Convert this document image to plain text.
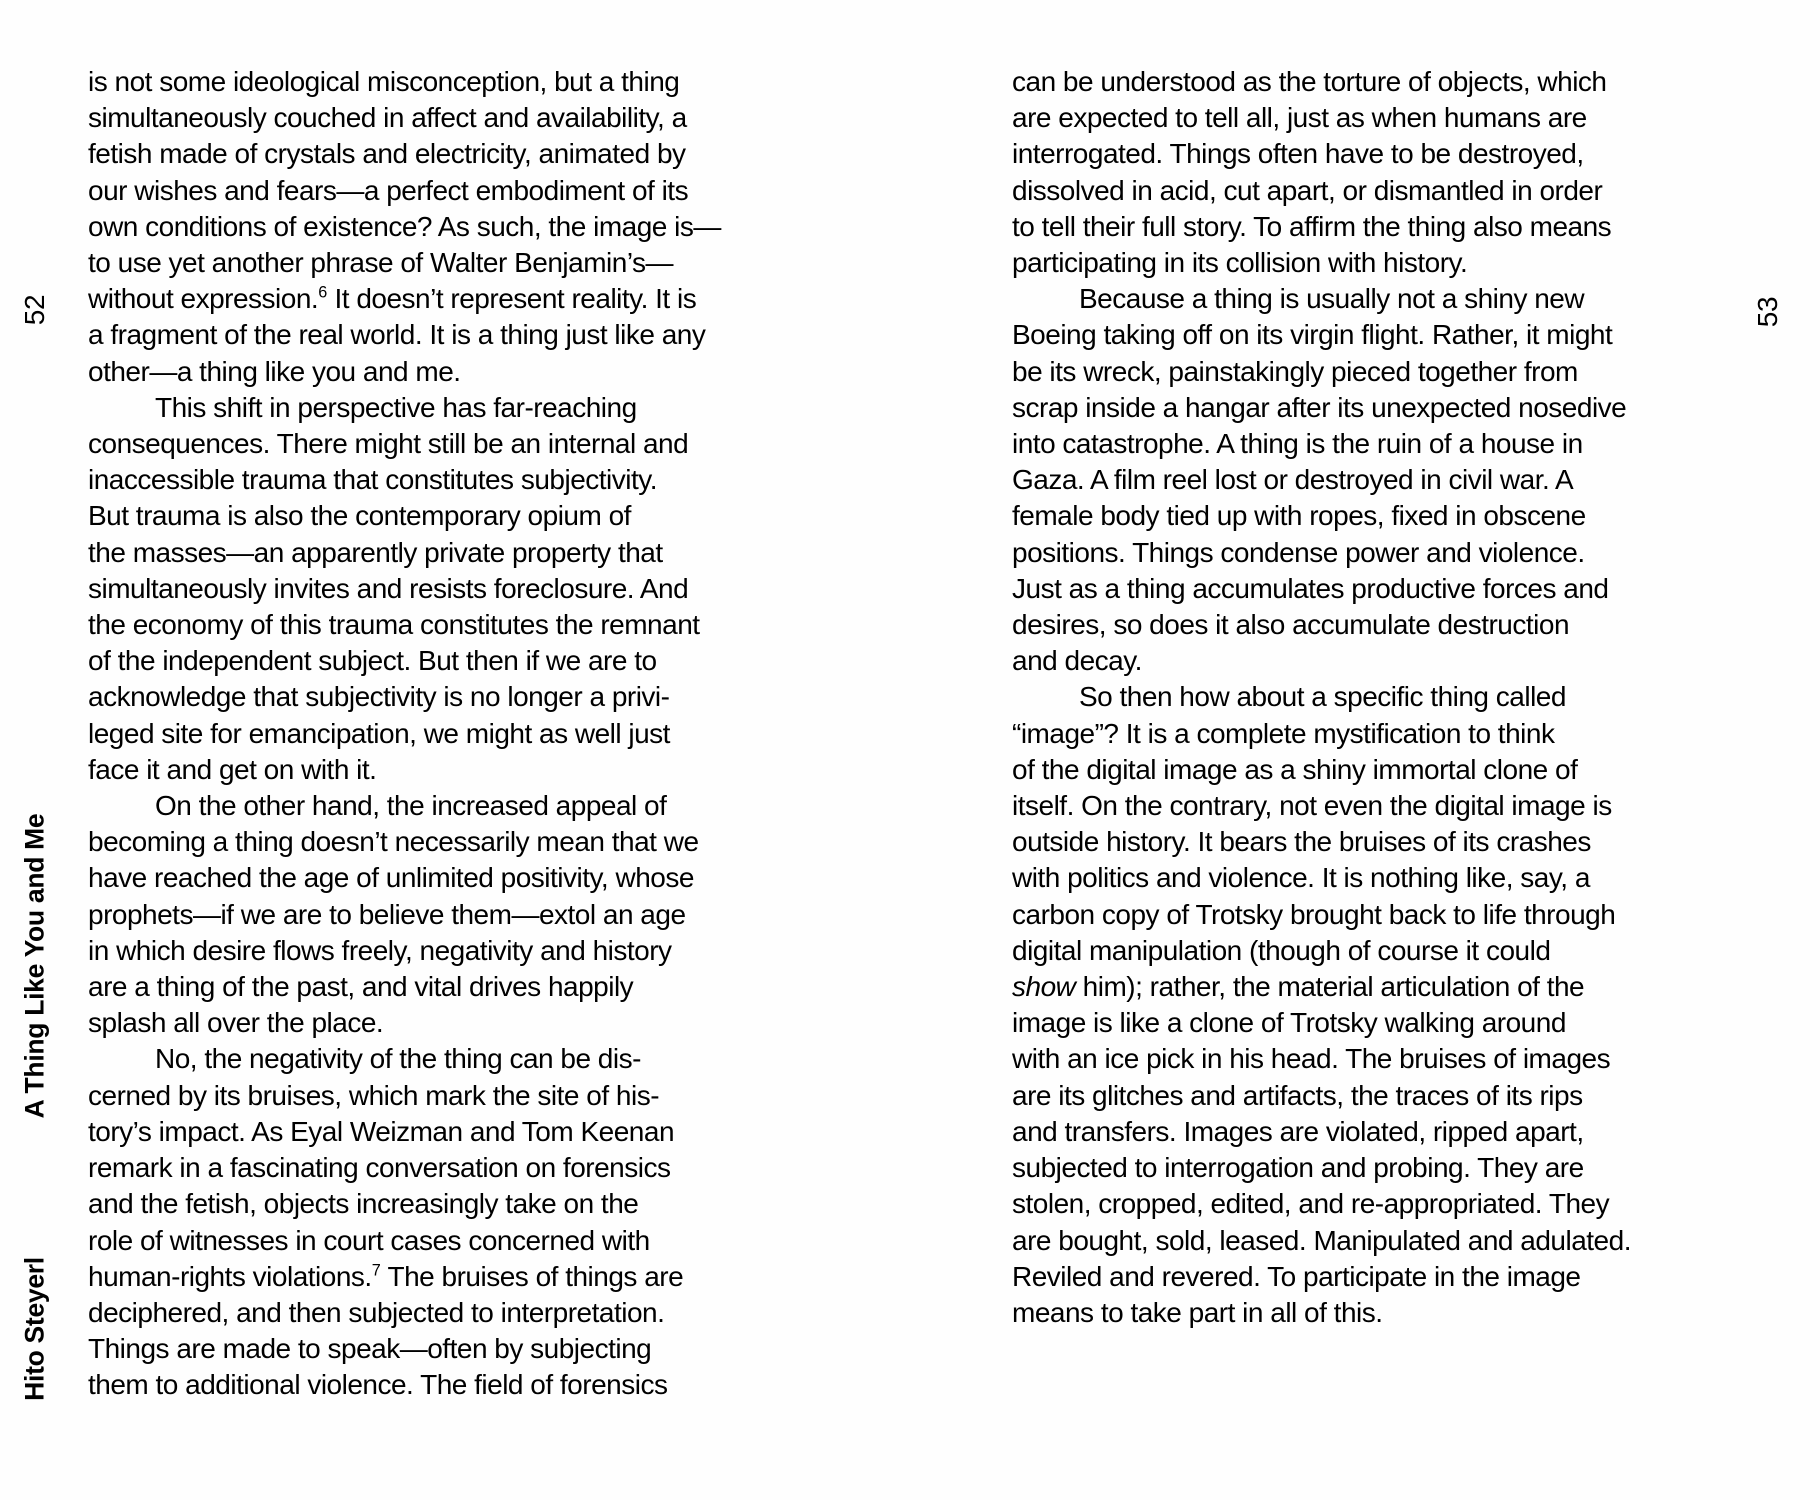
52
A Thing Like You and Me
Hito Steyerl
53
is not some ideological misconception, but a thing
simultaneously couched in affect and availability, a
fetish made of crystals and electricity, animated by
our wishes and fears—a perfect embodiment of its
own conditions of existence? As such, the image is—
to use yet another phrase of Walter Benjamin’s—
without expression.$^6$ It doesn’t represent reality. It is
a fragment of the real world. It is a thing just like any
other—a thing like you and me.
This shift in perspective has far-reaching
consequences. There might still be an internal and
inaccessible trauma that constitutes subjectivity.
But trauma is also the contemporary opium of
the masses—an apparently private property that
simultaneously invites and resists foreclosure. And
the economy of this trauma constitutes the remnant
of the independent subject. But then if we are to
acknowledge that subjectivity is no longer a privi-
leged site for emancipation, we might as well just
face it and get on with it.
On the other hand, the increased appeal of
becoming a thing doesn’t necessarily mean that we
have reached the age of unlimited positivity, whose
prophets—if we are to believe them—extol an age
in which desire flows freely, negativity and history
are a thing of the past, and vital drives happily
splash all over the place.
No, the negativity of the thing can be dis-
cerned by its bruises, which mark the site of his-
tory’s impact. As Eyal Weizman and Tom Keenan
remark in a fascinating conversation on forensics
and the fetish, objects increasingly take on the
role of witnesses in court cases concerned with
human-rights violations.$^7$ The bruises of things are
deciphered, and then subjected to interpretation.
Things are made to speak—often by subjecting
them to additional violence. The field of forensics
can be understood as the torture of objects, which
are expected to tell all, just as when humans are
interrogated. Things often have to be destroyed,
dissolved in acid, cut apart, or dismantled in order
to tell their full story. To affirm the thing also means
participating in its collision with history.
Because a thing is usually not a shiny new
Boeing taking off on its virgin flight. Rather, it might
be its wreck, painstakingly pieced together from
scrap inside a hangar after its unexpected nosedive
into catastrophe. A thing is the ruin of a house in
Gaza. A film reel lost or destroyed in civil war. A
female body tied up with ropes, fixed in obscene
positions. Things condense power and violence.
Just as a thing accumulates productive forces and
desires, so does it also accumulate destruction
and decay.
So then how about a specific thing called
“image”? It is a complete mystification to think
of the digital image as a shiny immortal clone of
itself. On the contrary, not even the digital image is
outside history. It bears the bruises of its crashes
with politics and violence. It is nothing like, say, a
carbon copy of Trotsky brought back to life through
digital manipulation (though of course it could
show him); rather, the material articulation of the
image is like a clone of Trotsky walking around
with an ice pick in his head. The bruises of images
are its glitches and artifacts, the traces of its rips
and transfers. Images are violated, ripped apart,
subjected to interrogation and probing. They are
stolen, cropped, edited, and re-appropriated. They
are bought, sold, leased. Manipulated and adulated.
Reviled and revered. To participate in the image
means to take part in all of this.
